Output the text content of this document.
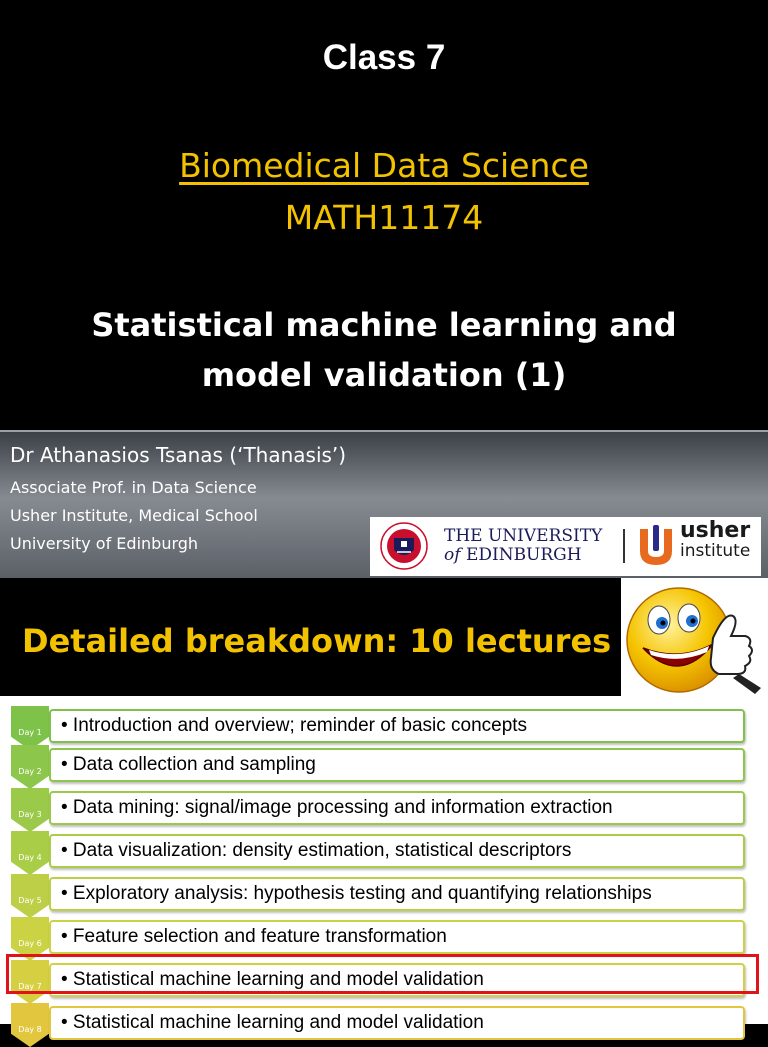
Class 7
Biomedical Data Science
MATH11174
Statistical machine learning and
model validation (1)
Dr Athanasios Tsanas (‘Thanasis’)
Associate Prof. in Data Science
Usher Institute, Medical School
University of Edinburgh	THE UNIVERSITY
of EDINBURGH
usher
institute
Detailed breakdown: 10 lectures
Day 1	• Introduction and overview; reminder of basic concepts
Day 2	• Data collection and sampling
Day 3	• Data mining: signal/image processing and information extraction
Day 4	• Data visualization: density estimation, statistical descriptors
Day 5	• Exploratory analysis: hypothesis testing and quantifying relationships
Day 6	• Feature selection and feature transformation
Day 7	• Statistical machine learning and model validation
Day 8	• Statistical machine learning and model validation
